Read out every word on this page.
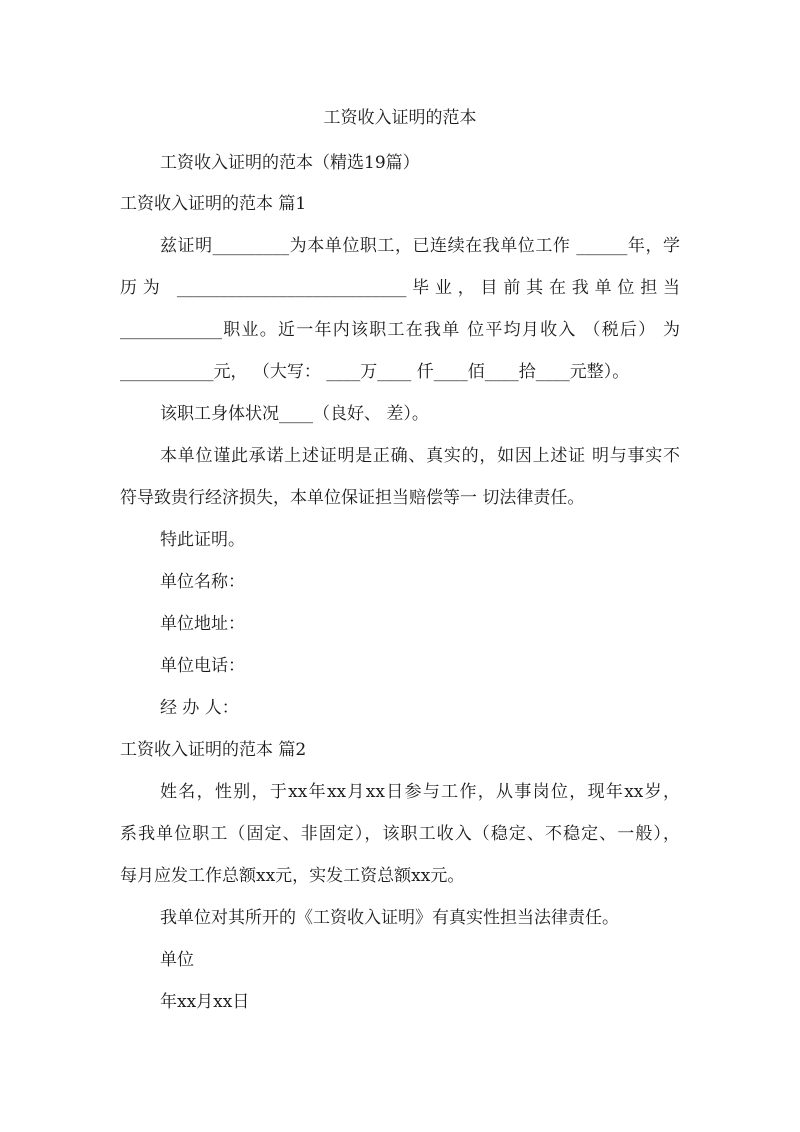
工资收入证明的范本
工资收入证明的范本（精选19篇）
工资收入证明的范本 篇1
兹证明_________为本单位职工，已连续在我单位工作 ______年，学
历为 ___________________________毕业，目前其在我单位担当
____________职业。近一年内该职工在我单 位平均月收入 （税后） 为
___________元， （大写： ____万____ 仟____佰____拾____元整）。
该职工身体状况____（良好、 差）。
本单位谨此承诺上述证明是正确、真实的，如因上述证 明与事实不
符导致贵行经济损失，本单位保证担当赔偿等一 切法律责任。
特此证明。
单位名称：
单位地址：
单位电话：
经 办 人：
工资收入证明的范本 篇2
姓名，性别，于xx年xx月xx日参与工作，从事岗位，现年xx岁，
系我单位职工（固定、非固定），该职工收入（稳定、不稳定、一般），
每月应发工作总额xx元，实发工资总额xx元。
我单位对其所开的《工资收入证明》有真实性担当法律责任。
单位
年xx月xx日
